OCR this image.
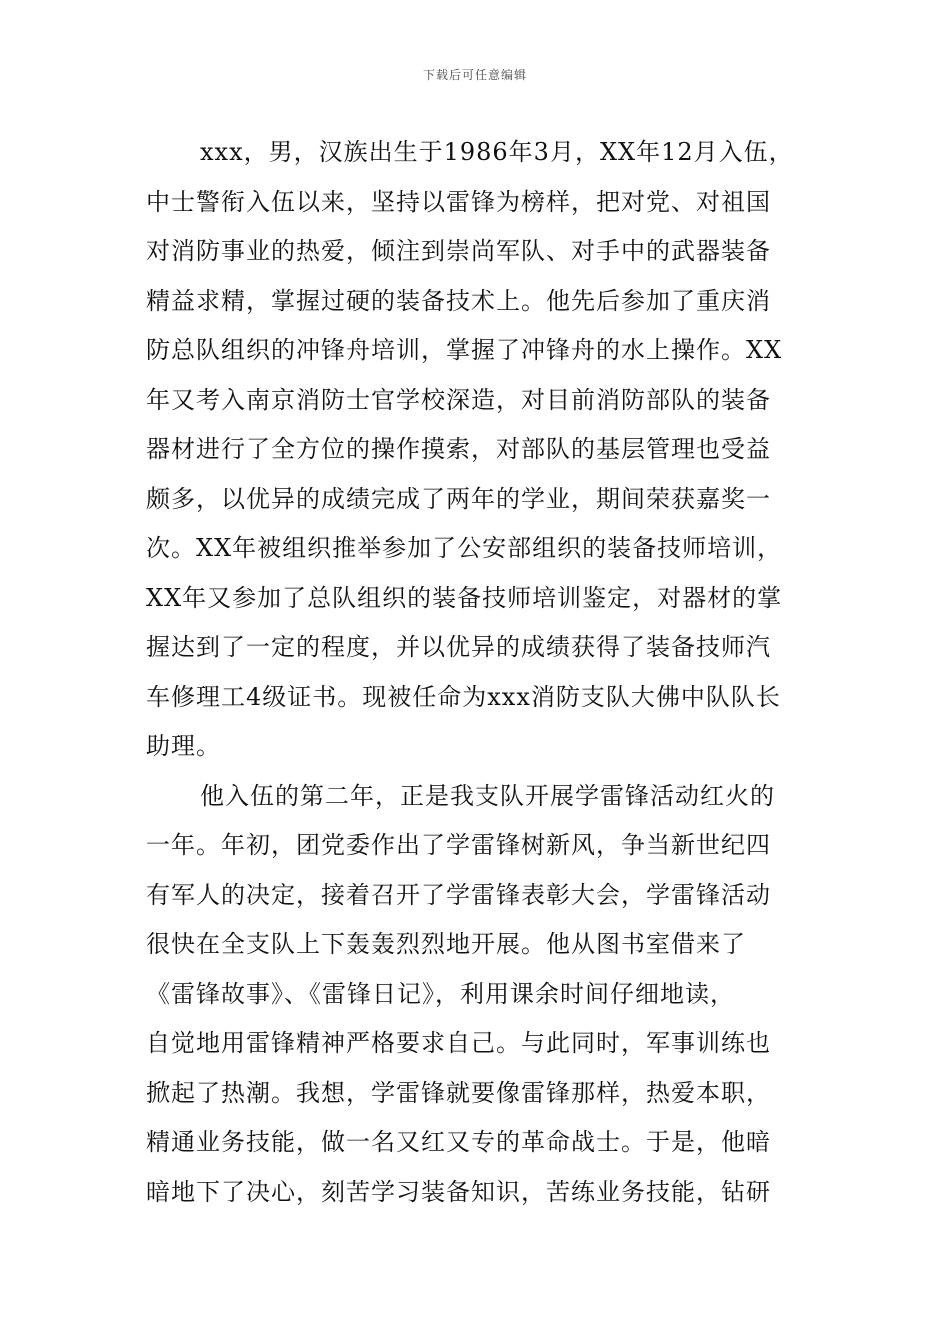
下载后可任意编辑

xxx，男，汉族出生于1986年3月，XX年12月入伍，
中士警衔入伍以来，坚持以雷锋为榜样，把对党、对祖国
对消防事业的热爱，倾注到崇尚军队、对手中的武器装备
精益求精，掌握过硬的装备技术上。他先后参加了重庆消
防总队组织的冲锋舟培训，掌握了冲锋舟的水上操作。XX
年又考入南京消防士官学校深造，对目前消防部队的装备
器材进行了全方位的操作摸索，对部队的基层管理也受益
颇多，以优异的成绩完成了两年的学业，期间荣获嘉奖一
次。XX年被组织推举参加了公安部组织的装备技师培训，
XX年又参加了总队组织的装备技师培训鉴定，对器材的掌
握达到了一定的程度，并以优异的成绩获得了装备技师汽
车修理工4级证书。现被任命为xxx消防支队大佛中队队长
助理。

他入伍的第二年，正是我支队开展学雷锋活动红火的
一年。年初，团党委作出了学雷锋树新风，争当新世纪四
有军人的决定，接着召开了学雷锋表彰大会，学雷锋活动
很快在全支队上下轰轰烈烈地开展。他从图书室借来了
《雷锋故事》、《雷锋日记》，利用课余时间仔细地读，
自觉地用雷锋精神严格要求自己。与此同时，军事训练也
掀起了热潮。我想，学雷锋就要像雷锋那样，热爱本职，
精通业务技能，做一名又红又专的革命战士。于是，他暗
暗地下了决心，刻苦学习装备知识，苦练业务技能，钻研
